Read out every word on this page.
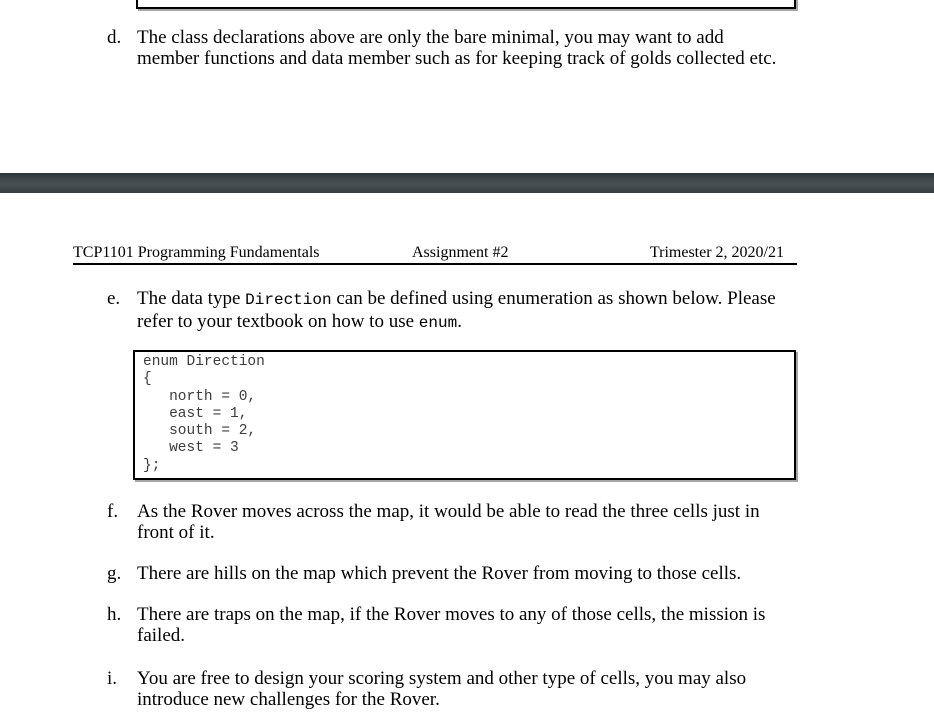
d. The class declarations above are only the bare minimal, you may want to add member functions and data member such as for keeping track of golds collected etc.
TCP1101 Programming Fundamentals	Assignment #2	Trimester 2, 2020/21
e. The data type Direction can be defined using enumeration as shown below. Please refer to your textbook on how to use enum.
enum Direction
{
north = 0,
east = 1,
south = 2,
west = 3
};
f. As the Rover moves across the map, it would be able to read the three cells just in front of it.
g. There are hills on the map which prevent the Rover from moving to those cells.
h. There are traps on the map, if the Rover moves to any of those cells, the mission is failed.
i. You are free to design your scoring system and other type of cells, you may also introduce new challenges for the Rover.
